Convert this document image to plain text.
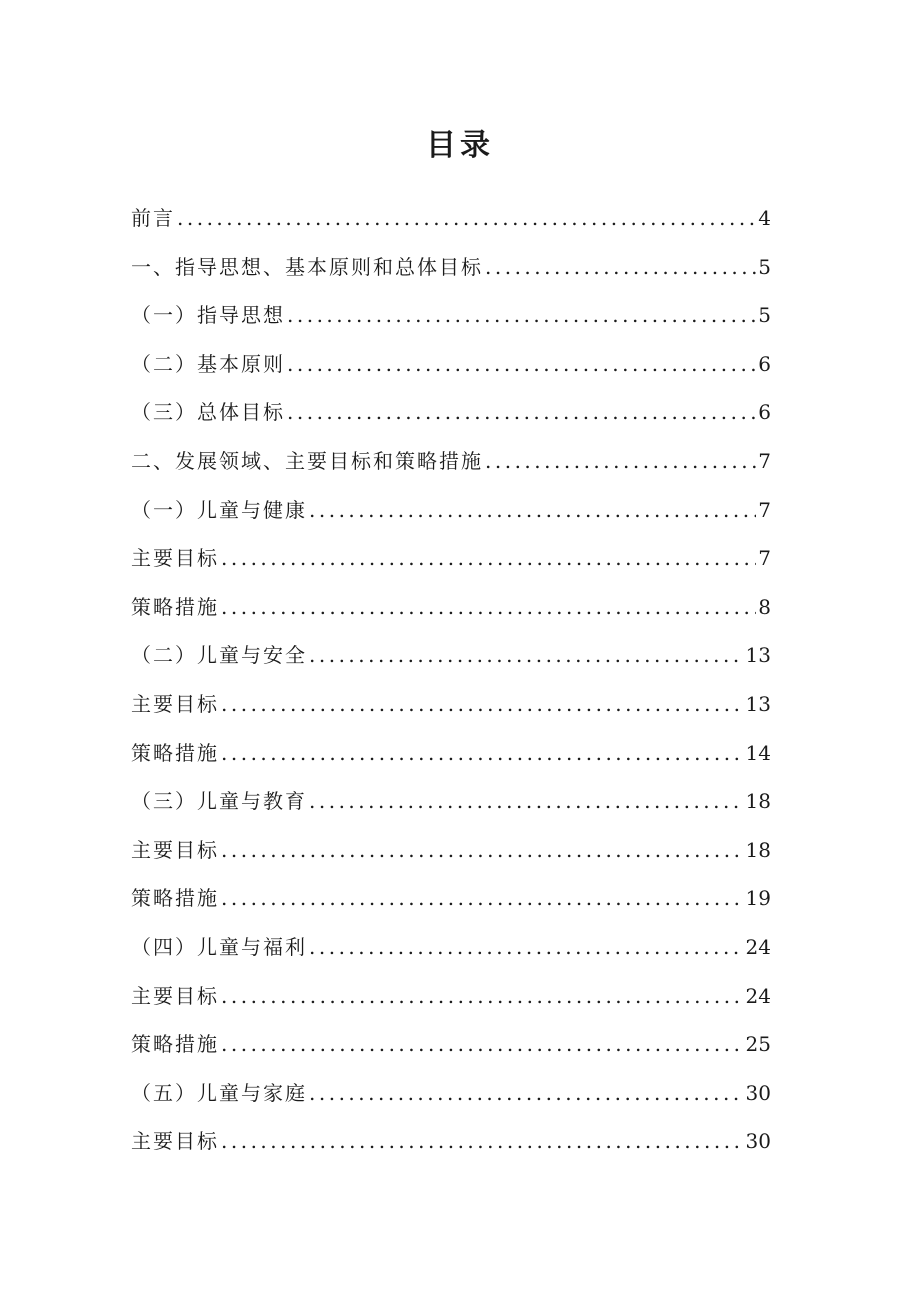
目录
前言 .....	4
一、指导思想、基本原则和总体目标 .....	5
（一）指导思想 .....	5
（二）基本原则 .....	6
（三）总体目标 .....	6
二、发展领域、主要目标和策略措施 .....	7
（一）儿童与健康 .....	7
主要目标 .....	7
策略措施 .....	8
（二）儿童与安全 .....	13
主要目标 .....	13
策略措施 .....	14
（三）儿童与教育 .....	18
主要目标 .....	18
策略措施 .....	19
（四）儿童与福利 .....	24
主要目标 .....	24
策略措施 .....	25
（五）儿童与家庭 .....	30
主要目标 .....	30
